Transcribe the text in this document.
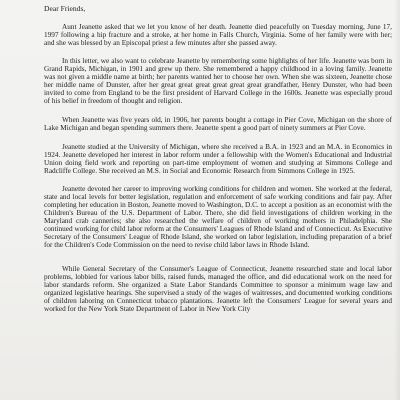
Dear Friends,

Aunt Jeanette asked that we let you know of her death. Jeanette died peacefully on Tuesday morning, June 17, 1997 following a hip fracture and a stroke, at her home in Falls Church, Virginia. Some of her family were with her; and she was blessed by an Episcopal priest a few minutes after she passed away.

In this letter, we also want to celebrate Jeanette by remembering some highlights of her life. Jeanette was born in Grand Rapids, Michigan, in 1901 and grew up there. She remembered a happy childhood in a loving family. Jeanette was not given a middle name at birth; her parents wanted her to choose her own. When she was sixteen, Jeanette chose her middle name of Dunster, after her great great great great great great grandfather, Henry Dunster, who had been invited to come from England to be the first president of Harvard College in the 1600s. Jeanette was especially proud of his belief in freedom of thought and religion.

When Jeanette was five years old, in 1906, her parents bought a cottage in Pier Cove, Michigan on the shore of Lake Michigan and began spending summers there. Jeanette spent a good part of ninety summers at Pier Cove.

Jeanette studied at the University of Michigan, where she received a B.A. in 1923 and an M.A. in Economics in 1924. Jeanette developed her interest in labor reform under a fellowship with the Women's Educational and Industrial Union doing field work and reporting on part-time employment of women and studying at Simmons College and Radcliffe College. She received an M.S. in Social and Economic Research from Simmons College in 1925.

Jeanette devoted her career to improving working conditions for children and women. She worked at the federal, state and local levels for better legislation, regulation and enforcement of safe working conditions and fair pay. After completing her education in Boston, Jeanette moved to Washington, D.C. to accept a position as an economist with the Children's Bureau of the U.S. Department of Labor. There, she did field investigations of children working in the Maryland crab canneries; she also researched the welfare of children of working mothers in Philadelphia. She continued working for child labor reform at the Consumers' Leagues of Rhode Island and of Connecticut. As Executive Secretary of the Consumers' League of Rhode Island, she worked on labor legislation, including preparation of a brief for the Children's Code Commission on the need to revise child labor laws in Rhode Island.

While General Secretary of the Consumer's League of Connecticut, Jeanette researched state and local labor problems, lobbied for various labor bills, raised funds, managed the office, and did educational work on the need for labor standards reform. She organized a State Labor Standards Committee to sponsor a minimum wage law and organized legislative hearings. She supervised a study of the wages of waitresses, and documented working conditions of children laboring on Connecticut tobacco plantations. Jeanette left the Consumers' League for several years and worked for the New York State Department of Labor in New York City
